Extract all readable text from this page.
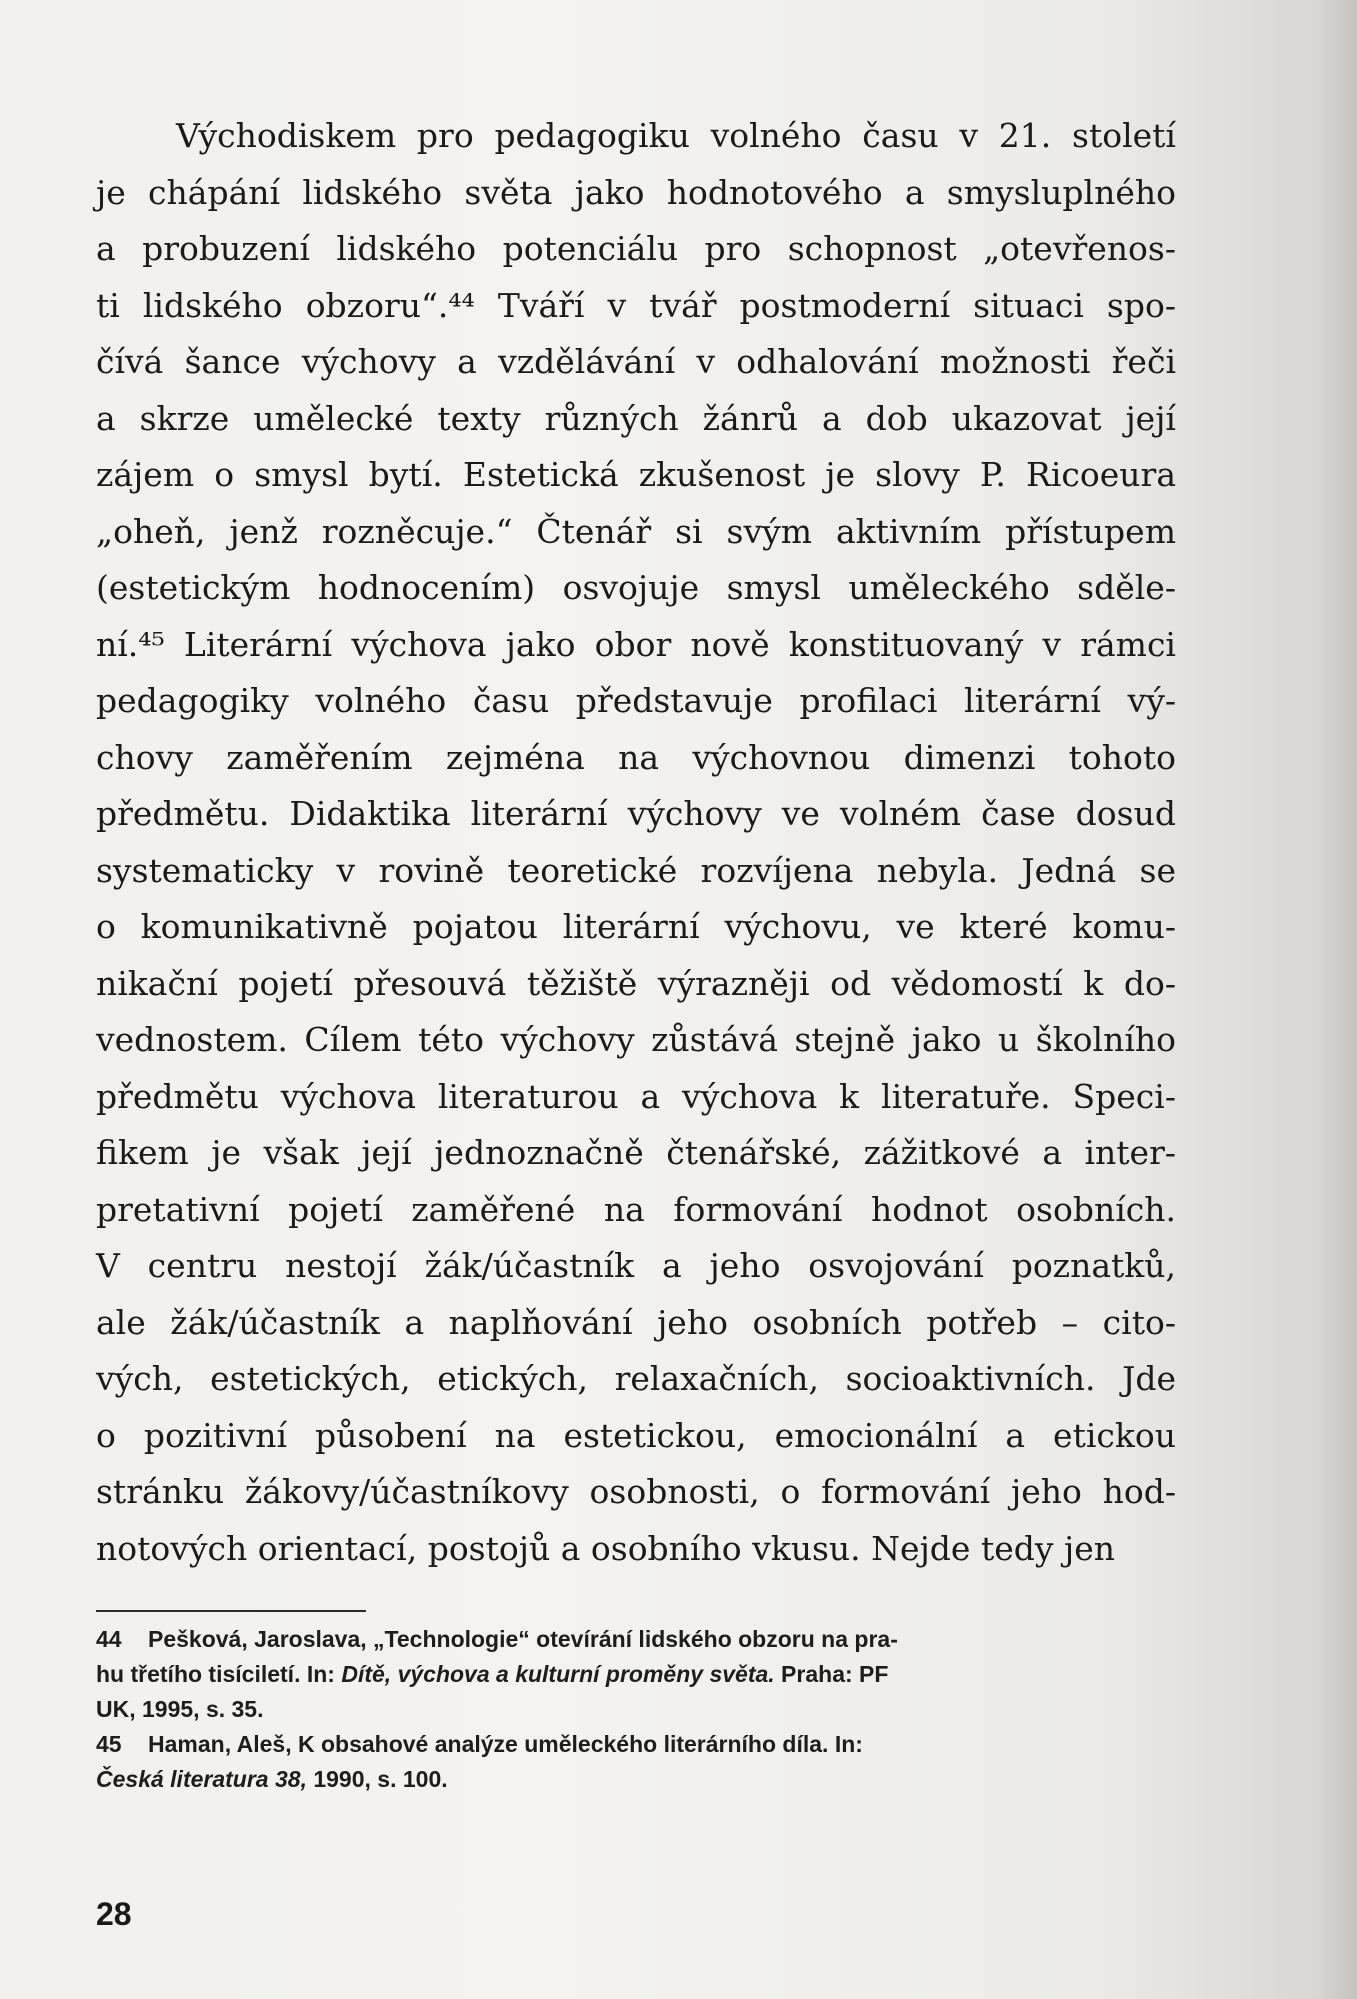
Východiskem pro pedagogiku volného času v 21. století
je chápání lidského světa jako hodnotového a smysluplného
a probuzení lidského potenciálu pro schopnost „otevřenos-
ti lidského obzoru“.⁴⁴ Tváří v tvář postmoderní situaci spo-
čívá šance výchovy a vzdělávání v odhalování možnosti řeči
a skrze umělecké texty různých žánrů a dob ukazovat její
zájem o smysl bytí. Estetická zkušenost je slovy P. Ricoeura
„oheň, jenž rozněcuje.“ Čtenář si svým aktivním přístupem
(estetickým hodnocením) osvojuje smysl uměleckého sděle-
ní.⁴⁵ Literární výchova jako obor nově konstituovaný v rámci
pedagogiky volného času představuje profilaci literární vý-
chovy zaměřením zejména na výchovnou dimenzi tohoto
předmětu. Didaktika literární výchovy ve volném čase dosud
systematicky v rovině teoretické rozvíjena nebyla. Jedná se
o komunikativně pojatou literární výchovu, ve které komu-
nikační pojetí přesouvá těžiště výrazněji od vědomostí k do-
vednostem. Cílem této výchovy zůstává stejně jako u školního
předmětu výchova literaturou a výchova k literatuře. Speci-
fikem je však její jednoznačně čtenářské, zážitkové a inter-
pretativní pojetí zaměřené na formování hodnot osobních.
V centru nestojí žák/účastník a jeho osvojování poznatků,
ale žák/účastník a naplňování jeho osobních potřeb – cito-
vých, estetických, etických, relaxačních, socioaktivních. Jde
o pozitivní působení na estetickou, emocionální a etickou
stránku žákovy/účastníkovy osobnosti, o formování jeho hod-
notových orientací, postojů a osobního vkusu. Nejde tedy jen
44 Pešková, Jaroslava, „Technologie“ otevírání lidského obzoru na pra-
hu třetího tisíciletí. In: Dítě, výchova a kulturní proměny světa. Praha: PF
UK, 1995, s. 35.
45 Haman, Aleš, K obsahové analýze uměleckého literárního díla. In:
Česká literatura 38, 1990, s. 100.
28
